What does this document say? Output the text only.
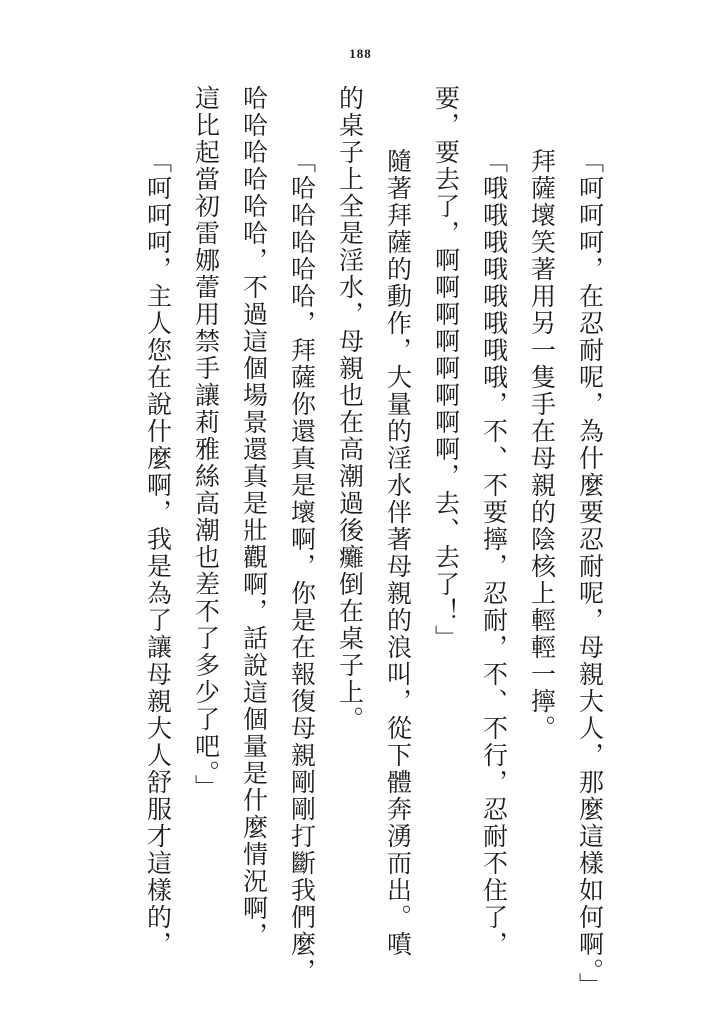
188
「呵呵呵，在忍耐呢，為什麼要忍耐呢，母親大人，那麼這樣如何啊。」
拜薩壞笑著用另一隻手在母親的陰核上輕輕一擰。
「哦哦哦哦哦哦哦哦，不、不要擰，忍耐，不、不行，忍耐不住了，
要，要去了，啊啊啊啊啊啊啊啊，去、去了！」
隨著拜薩的動作，大量的淫水伴著母親的浪叫，從下體奔湧而出。噴
的桌子上全是淫水，母親也在高潮過後癱倒在桌子上。
「哈哈哈哈哈，拜薩你還真是壞啊，你是在報復母親剛剛打斷我們麼，
哈哈哈哈哈哈，不過這個場景還真是壯觀啊，話說這個量是什麼情況啊，
這比起當初雷娜蕾用禁手讓莉雅絲高潮也差不了多少了吧。」
「呵呵呵，主人您在說什麼啊，我是為了讓母親大人舒服才這樣的，
